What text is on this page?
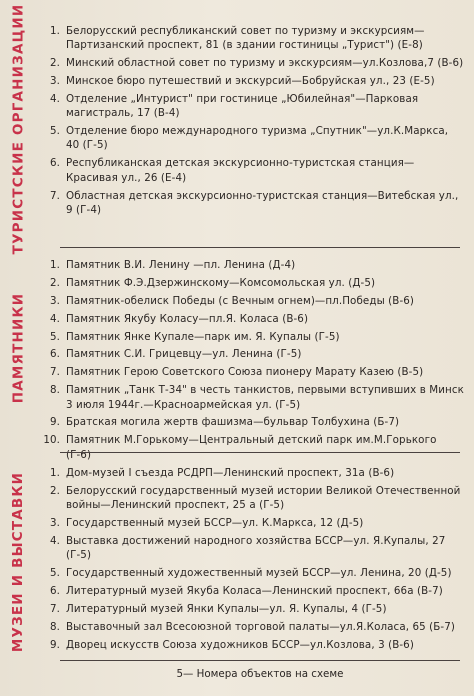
ТУРИСТСКИЕ ОРГАНИЗАЦИИ
ПАМЯТНИКИ
МУЗЕИ И ВЫСТАВКИ
1. Белорусский республиканский совет по туризму и экскурсиям— Партизанский проспект, 81 (в здании гостиницы „Турист") (Е-8)
2. Минский областной совет по туризму и экскурсиям—ул.Козлова,7 (В-6)
3. Минское бюро путешествий и экскурсий—Бобруйская ул., 23 (Е-5)
4. Отделение „Интурист" при гостинице „Юбилейная"—Парковая магистраль, 17 (В-4)
5. Отделение бюро международного туризма „Спутник"—ул.К.Маркса, 40 (Г-5)
6. Республиканская детская экскурсионно-туристская станция—Красивая ул., 26 (Е-4)
7. Областная детская экскурсионно-туристская станция—Витебская ул., 9 (Г-4)
1. Памятник В.И. Ленину —пл. Ленина (Д-4)
2. Памятник Ф.Э.Дзержинскому—Комсомольская ул. (Д-5)
3. Памятник-обелиск Победы (с Вечным огнем)—пл.Победы (В-6)
4. Памятник Якубу Коласу—пл.Я. Коласа (В-6)
5. Памятник Янке Купале—парк им. Я. Купалы (Г-5)
6. Памятник С.И. Грицевцу—ул. Ленина (Г-5)
7. Памятник Герою Советского Союза пионеру Марату Казею (В-5)
8. Памятник „Танк Т-34" в честь танкистов, первыми вступивших в Минск 3 июля 1944г.—Красноармейская ул. (Г-5)
9. Братская могила жертв фашизма—бульвар Толбухина (Б-7)
10. Памятник М.Горькому—Центральный детский парк им.М.Горького (Г-6)
1. Дом-музей I съезда РСДРП—Ленинский проспект, 31а (В-6)
2. Белорусский государственный музей истории Великой Отечественной войны—Ленинский проспект, 25 а (Г-5)
3. Государственный музей БССР—ул. К.Маркса, 12 (Д-5)
4. Выставка достижений народного хозяйства БССР—ул. Я.Купалы, 27 (Г-5)
5. Государственный художественный музей БССР—ул. Ленина, 20 (Д-5)
6. Литературный музей Якуба Коласа—Ленинский проспект, 66а (В-7)
7. Литературный музей Янки Купалы—ул. Я. Купалы, 4 (Г-5)
8. Выставочный зал Всесоюзной торговой палаты—ул.Я.Коласа, 65 (Б-7)
9. Дворец искусств Союза художников БССР—ул.Козлова, 3 (В-6)
5— Номера объектов на схеме
